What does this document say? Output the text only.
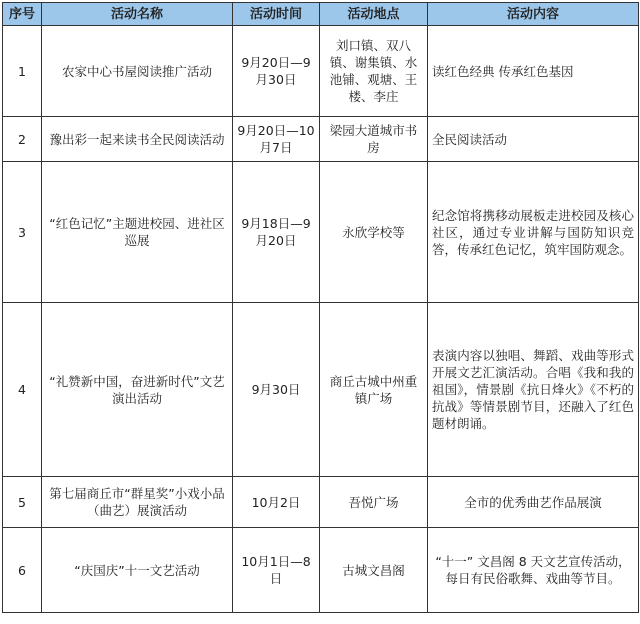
序号	活动名称	活动时间	活动地点	活动内容
1	农家中心书屋阅读推广活动	9月20日—9月30日	刘口镇、双八镇、谢集镇、水池铺、观塘、王楼、李庄	读红色经典 传承红色基因
2	豫出彩一起来读书全民阅读活动	9月20日—10月7日	梁园大道城市书房	全民阅读活动
3	“红色记忆”主题进校园、进社区巡展	9月18日—9月20日	永欣学校等	纪念馆将携移动展板走进校园及核心社区，通过专业讲解与国防知识竞答，传承红色记忆，筑牢国防观念。
4	“礼赞新中国，奋进新时代”文艺演出活动	9月30日	商丘古城中州重镇广场	表演内容以独唱、舞蹈、戏曲等形式开展文艺汇演活动。合唱《我和我的祖国》，情景剧《抗日烽火》《不朽的抗战》等情景剧节目，还融入了红色题材朗诵。
5	第七届商丘市“群星奖”小戏小品（曲艺）展演活动	10月2日	吾悦广场	全市的优秀曲艺作品展演
6	“庆国庆”十一文艺活动	10月1日—8日	古城文昌阁	“十一” 文昌阁 8 天文艺宣传活动，每日有民俗歌舞、戏曲等节目。
